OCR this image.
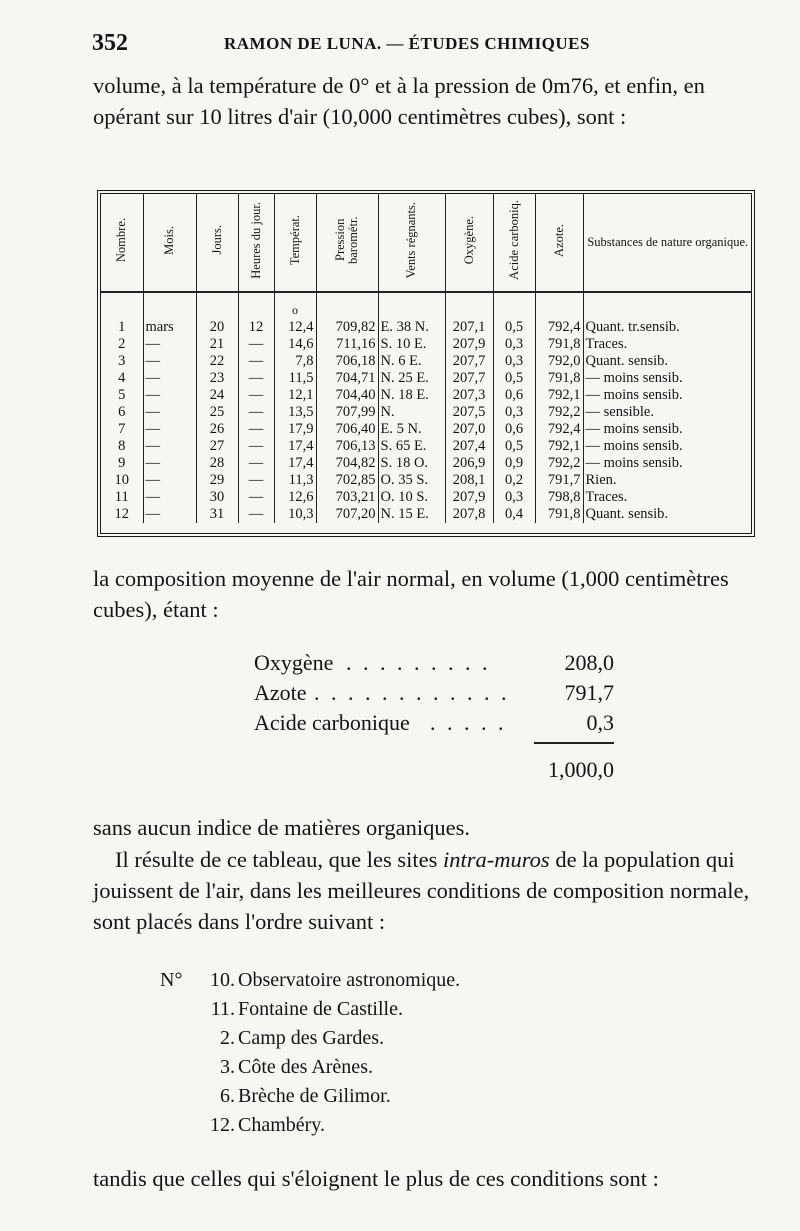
352	RAMON DE LUNA. — ÉTUDES CHIMIQUES

volume, à la température de 0° et à la pression de 0m76, et enfin, en opérant sur 10 litres d'air (10,000 centimètres cubes), sont :

Nombre.	Mois.	Jours.	Heures du jour.	Températ.	Pression barométr.	Vents régnants.	Oxygène.	Acide carboniq.	Azote.	Substances de nature organique.

				o						
1	mars	20	12	12,4	709,82	E. 38 N.	207,1	0,5	792,4	Quant. tr.sensib.
2	—	21	—	14,6	711,16	S. 10 E.	207,9	0,3	791,8	Traces.
3	—	22	—	7,8	706,18	N. 6 E.	207,7	0,3	792,0	Quant. sensib.
4	—	23	—	11,5	704,71	N. 25 E.	207,7	0,5	791,8	— moins sensib.
5	—	24	—	12,1	704,40	N. 18 E.	207,3	0,6	792,1	— moins sensib.
6	—	25	—	13,5	707,99	N.	207,5	0,3	792,2	— sensible.
7	—	26	—	17,9	706,40	E. 5 N.	207,0	0,6	792,4	— moins sensib.
8	—	27	—	17,4	706,13	S. 65 E.	207,4	0,5	792,1	— moins sensib.
9	—	28	—	17,4	704,82	S. 18 O.	206,9	0,9	792,2	— moins sensib.
10	—	29	—	11,3	702,85	O. 35 S.	208,1	0,2	791,7	Rien.
11	—	30	—	12,6	703,21	O. 10 S.	207,9	0,3	798,8	Traces.
12	—	31	—	10,3	707,20	N. 15 E.	207,8	0,4	791,8	Quant. sensib.

la composition moyenne de l'air normal, en volume (1,000 centimètres cubes), étant :

Oxygène . . . . . . . . .	208,0
Azote . . . . . . . . . . . .	791,7
Acide carbonique . . . . .	0,3
1,000,0

sans aucun indice de matières organiques.

Il résulte de ce tableau, que les sites intra-muros de la population qui jouissent de l'air, dans les meilleures conditions de composition normale, sont placés dans l'ordre suivant :

N°	10. Observatoire astronomique.
11. Fontaine de Castille.
2. Camp des Gardes.
3. Côte des Arènes.
6. Brèche de Gilimor.
12. Chambéry.

tandis que celles qui s'éloignent le plus de ces conditions sont :
